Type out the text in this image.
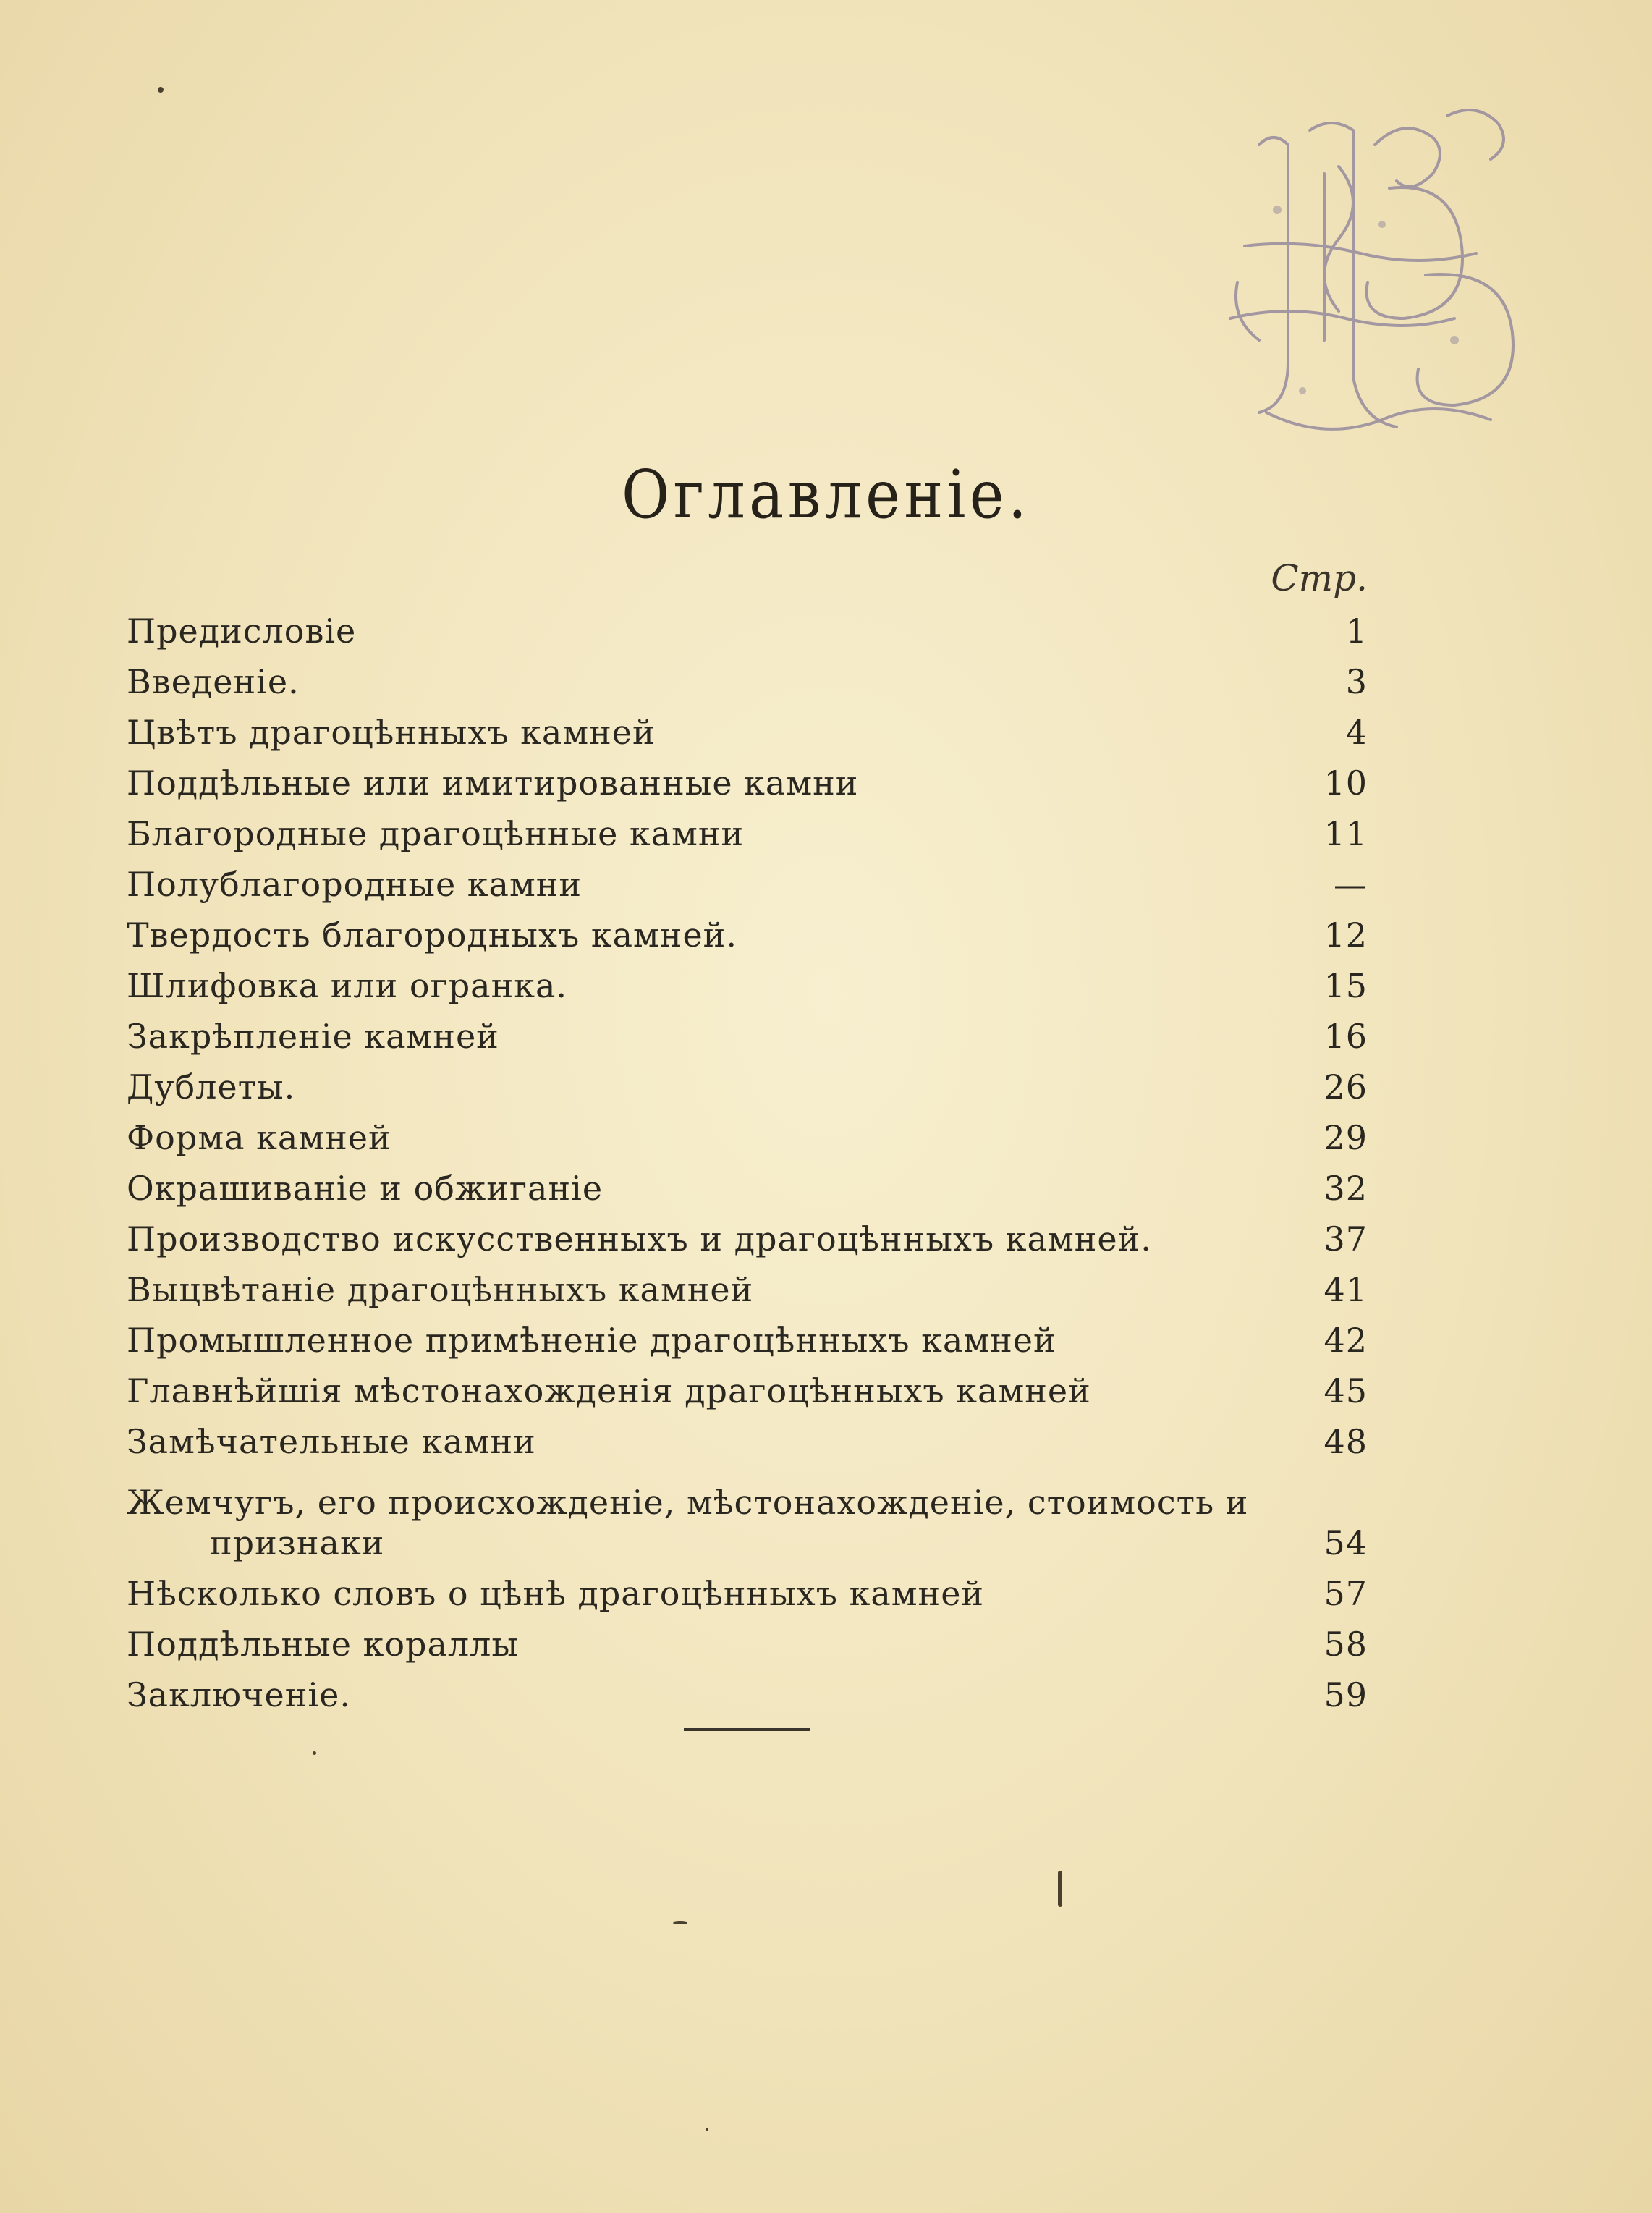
Оглавленіе.
Стр.
Предисловіе	1
Введеніе.	3
Цвѣтъ драгоцѣнныхъ камней	4
Поддѣльные или имитированные камни	10
Благородные драгоцѣнные камни	11
Полублагородные камни	—
Твердость благородныхъ камней.	12
Шлифовка или огранка.	15
Закрѣпленіе камней	16
Дублеты.	26
Форма камней	29
Окрашиваніе и обжиганіе	32
Производство искусственныхъ и драгоцѣнныхъ камней.	37
Выцвѣтаніе драгоцѣнныхъ камней	41
Промышленное примѣненіе драгоцѣнныхъ камней	42
Главнѣйшія мѣстонахожденія драгоцѣнныхъ камней	45
Замѣчательные камни	48
Жемчугъ, его происхожденіе, мѣстонахожденіе, стоимость и
признаки	54
Нѣсколько словъ о цѣнѣ драгоцѣнныхъ камней	57
Поддѣльные кораллы	58
Заключеніе.	59
